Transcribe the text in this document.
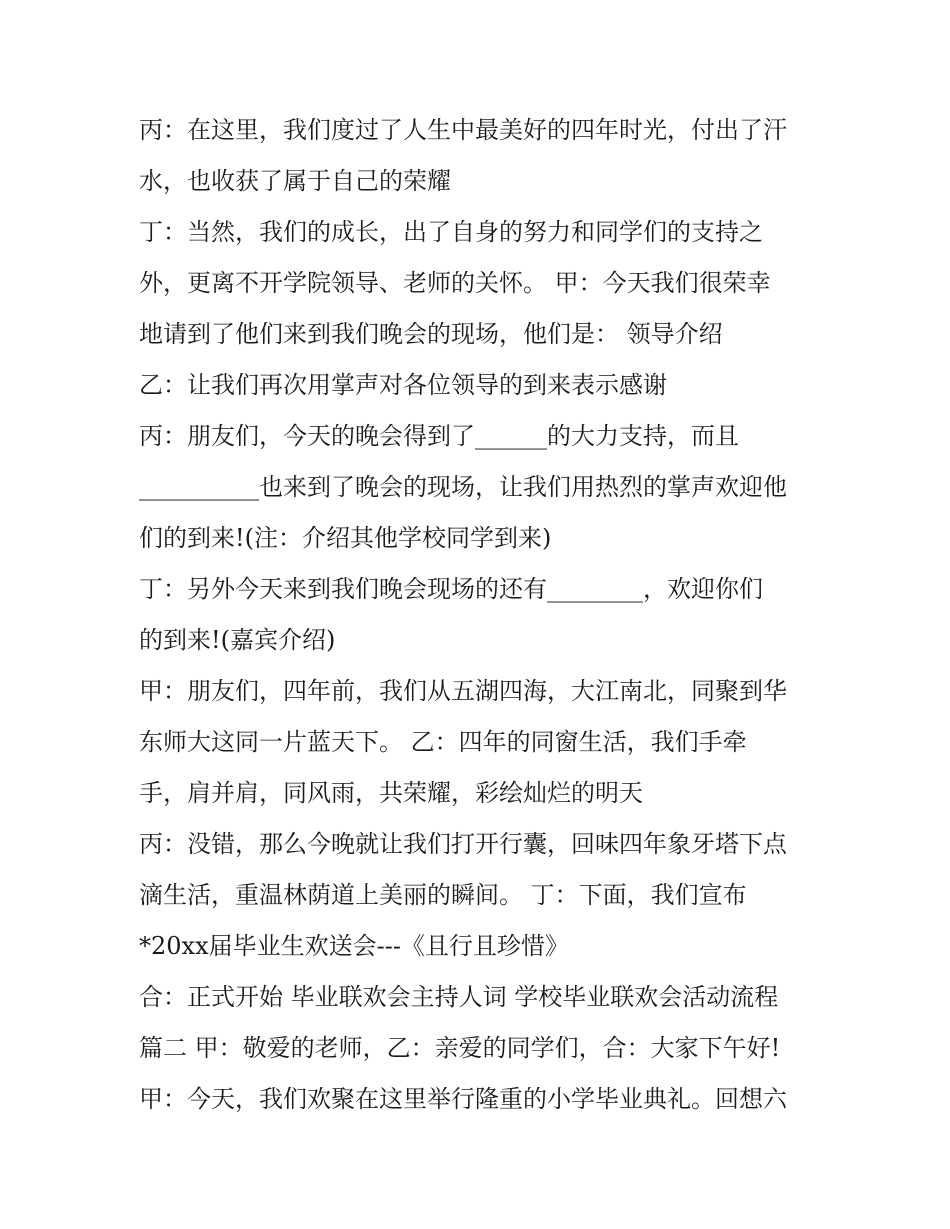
丙：在这里，我们度过了人生中最美好的四年时光，付出了汗
水，也收获了属于自己的荣耀
丁：当然，我们的成长，出了自身的努力和同学们的支持之
外，更离不开学院领导、老师的关怀。 甲：今天我们很荣幸
地请到了他们来到我们晚会的现场，他们是： 领导介绍
乙：让我们再次用掌声对各位领导的到来表示感谢
丙：朋友们，今天的晚会得到了______的大力支持，而且
__________也来到了晚会的现场，让我们用热烈的掌声欢迎他
们的到来!(注：介绍其他学校同学到来)
丁：另外今天来到我们晚会现场的还有________，欢迎你们
的到来!(嘉宾介绍)
甲：朋友们，四年前，我们从五湖四海，大江南北，同聚到华
东师大这同一片蓝天下。 乙：四年的同窗生活，我们手牵
手，肩并肩，同风雨，共荣耀，彩绘灿烂的明天
丙：没错，那么今晚就让我们打开行囊，回味四年象牙塔下点
滴生活，重温林荫道上美丽的瞬间。 丁：下面，我们宣布
*20xx届毕业生欢送会---《且行且珍惜》
合：正式开始 毕业联欢会主持人词 学校毕业联欢会活动流程
篇二 甲：敬爱的老师，乙：亲爱的同学们，合：大家下午好!
甲：今天，我们欢聚在这里举行隆重的小学毕业典礼。回想六
